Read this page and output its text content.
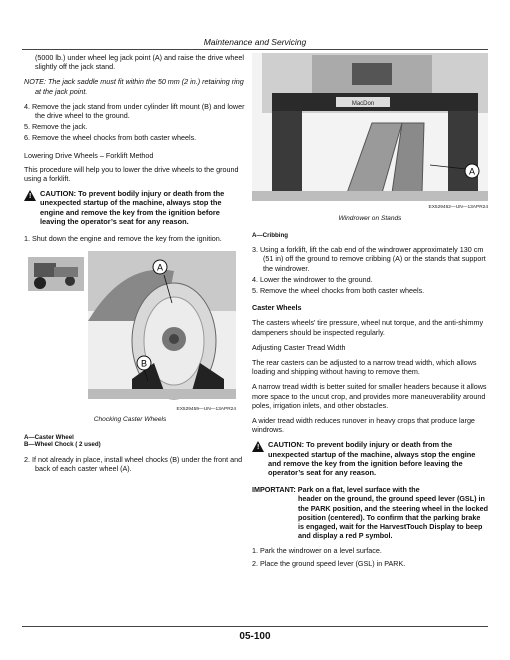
Maintenance and Servicing

(5000 lb.) under wheel leg jack point (A) and raise the drive wheel slightly off the jack stand.

NOTE: The jack saddle must fit within the 50 mm (2 in.) retaining ring at the jack point.

4. Remove the jack stand from under cylinder lift mount (B) and lower the drive wheel to the ground.

5. Remove the jack.

6. Remove the wheel chocks from both caster wheels.

Lowering Drive Wheels – Forklift Method

This procedure will help you to lower the drive wheels to the ground using a forklift.

! CAUTION: To prevent bodily injury or death from the unexpected startup of the machine, always stop the engine and remove the key from the ignition before leaving the operator’s seat for any reason.

1. Shut down the engine and remove the key from the ignition.

A
B
EX529459—UN—13APR24
Chocking Caster Wheels
A—Caster Wheel
B—Wheel Chock ( 2 used)

2. If not already in place, install wheel chocks (B) under the front and back of each caster wheel (A).

MacDon
A
EX529462—UN—13APR24
Windrower on Stands
A—Cribbing

3. Using a forklift, lift the cab end of the windrower approximately 130 cm (51 in) off the ground to remove cribbing (A) or the stands that support the windrower.

4. Lower the windrower to the ground.

5. Remove the wheel chocks from both caster wheels.

Caster Wheels

The casters wheels’ tire pressure, wheel nut torque, and the anti-shimmy dampeners should be inspected regularly.

Adjusting Caster Tread Width

The rear casters can be adjusted to a narrow tread width, which allows loading and shipping without having to remove them.

A narrow tread width is better suited for smaller headers because it allows more space to the uncut crop, and provides more maneuverability around poles, irrigation inlets, and other obstacles.

A wider tread width reduces runover in heavy crops that produce large windrows.

! CAUTION: To prevent bodily injury or death from the unexpected startup of the machine, always stop the engine and remove the key from the ignition before leaving the operator’s seat for any reason.
IMPORTANT: Park on a flat, level surface with the
header on the ground, the ground speed lever (GSL) in the PARK position, and the steering wheel in the locked position (centered). To confirm that the parking brake is engaged, wait for the HarvestTouch Display to beep and display a red P symbol.

1. Park the windrower on a level surface.

2. Place the ground speed lever (GSL) in PARK.

05-100
